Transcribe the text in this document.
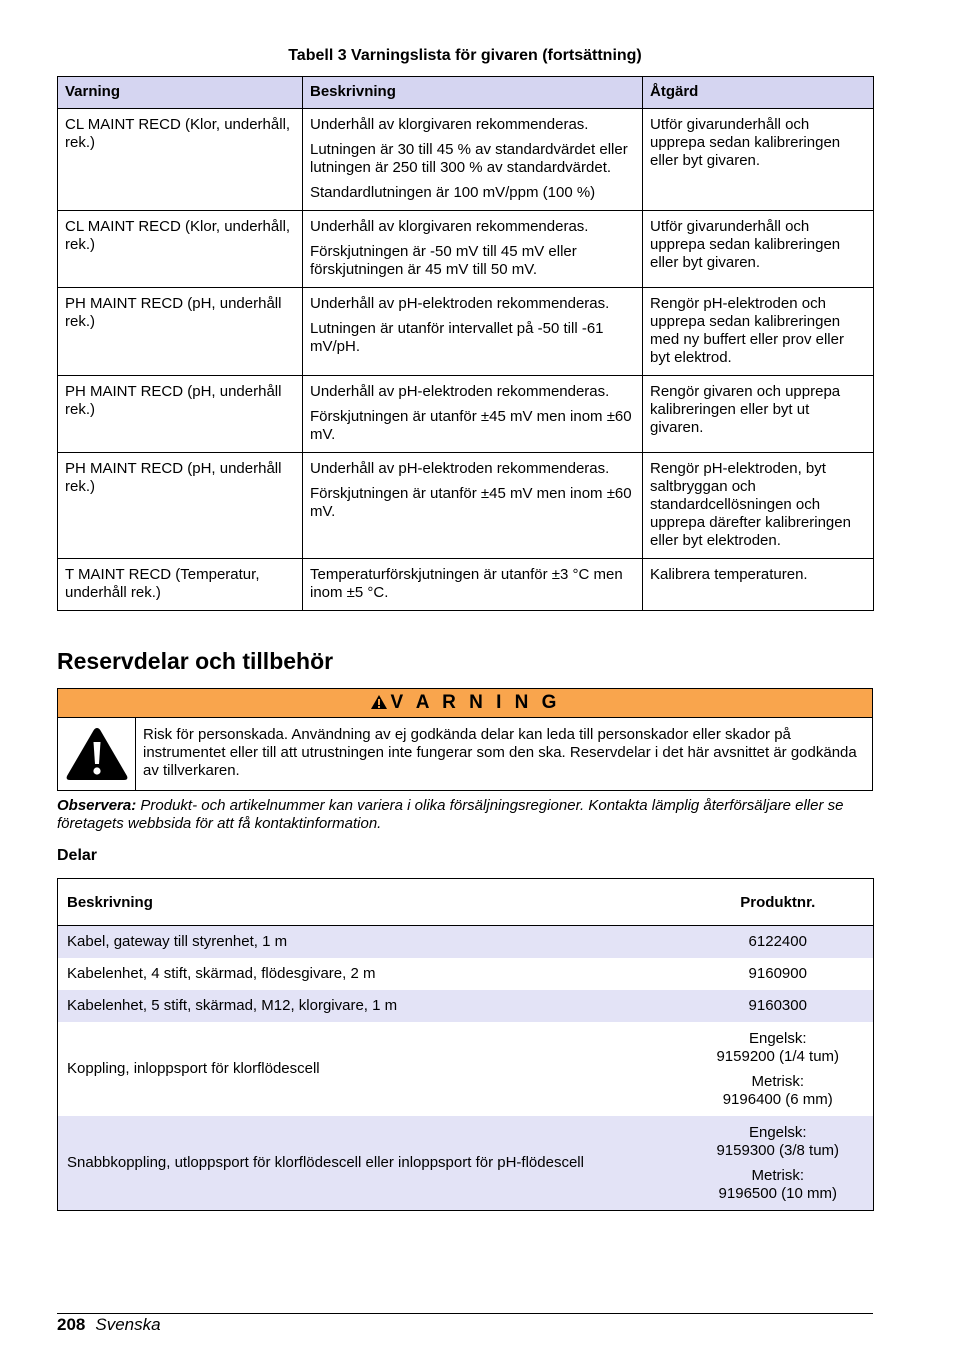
Tabell 3 Varningslista för givaren (fortsättning)
Varning	Beskrivning	Åtgärd
CL MAINT RECD (Klor, underhåll, rek.)	Underhåll av klorgivaren rekommenderas.

Lutningen är 30 till 45 % av standardvärdet eller lutningen är 250 till 300 % av standardvärdet.

Standardlutningen är 100 mV/ppm (100 %)	Utför givarunderhåll och upprepa sedan kalibreringen eller byt givaren.
CL MAINT RECD (Klor, underhåll, rek.)	Underhåll av klorgivaren rekommenderas.

Förskjutningen är -50 mV till 45 mV eller förskjutningen är 45 mV till 50 mV.	Utför givarunderhåll och upprepa sedan kalibreringen eller byt givaren.
PH MAINT RECD (pH, underhåll rek.)	Underhåll av pH-elektroden rekommenderas.

Lutningen är utanför intervallet på -50 till -61 mV/pH.	Rengör pH-elektroden och upprepa sedan kalibreringen med ny buffert eller prov eller byt elektrod.
PH MAINT RECD (pH, underhåll rek.)	Underhåll av pH-elektroden rekommenderas.

Förskjutningen är utanför ±45 mV men inom ±60 mV.	Rengör givaren och upprepa kalibreringen eller byt ut givaren.
PH MAINT RECD (pH, underhåll rek.)	Underhåll av pH-elektroden rekommenderas.

Förskjutningen är utanför ±45 mV men inom ±60 mV.	Rengör pH-elektroden, byt saltbryggan och standardcellösningen och upprepa därefter kalibreringen eller byt elektroden.
T MAINT RECD (Temperatur, underhåll rek.)	Temperaturförskjutningen är utanför ±3 °C men inom ±5 °C.	Kalibrera temperaturen.
Reservdelar och tillbehör
V A R N I N G
Risk för personskada. Användning av ej godkända delar kan leda till personskador eller skador på instrumentet eller till att utrustningen inte fungerar som den ska. Reservdelar i det här avsnittet är godkända av tillverkaren.
Observera: Produkt- och artikelnummer kan variera i olika försäljningsregioner. Kontakta lämplig återförsäljare eller se företagets webbsida för att få kontaktinformation.
Delar
Beskrivning	Produktnr.
Kabel, gateway till styrenhet, 1 m	6122400
Kabelenhet, 4 stift, skärmad, flödesgivare, 2 m	9160900
Kabelenhet, 5 stift, skärmad, M12, klorgivare, 1 m	9160300
Koppling, inloppsport för klorflödescell	Engelsk:
9159200 (1/4 tum)

Metrisk:
9196400 (6 mm)

Snabbkoppling, utloppsport för klorflödescell eller inloppsport för pH-flödescell	Engelsk:
9159300 (3/8 tum)

Metrisk:
9196500 (10 mm)

208 Svenska
